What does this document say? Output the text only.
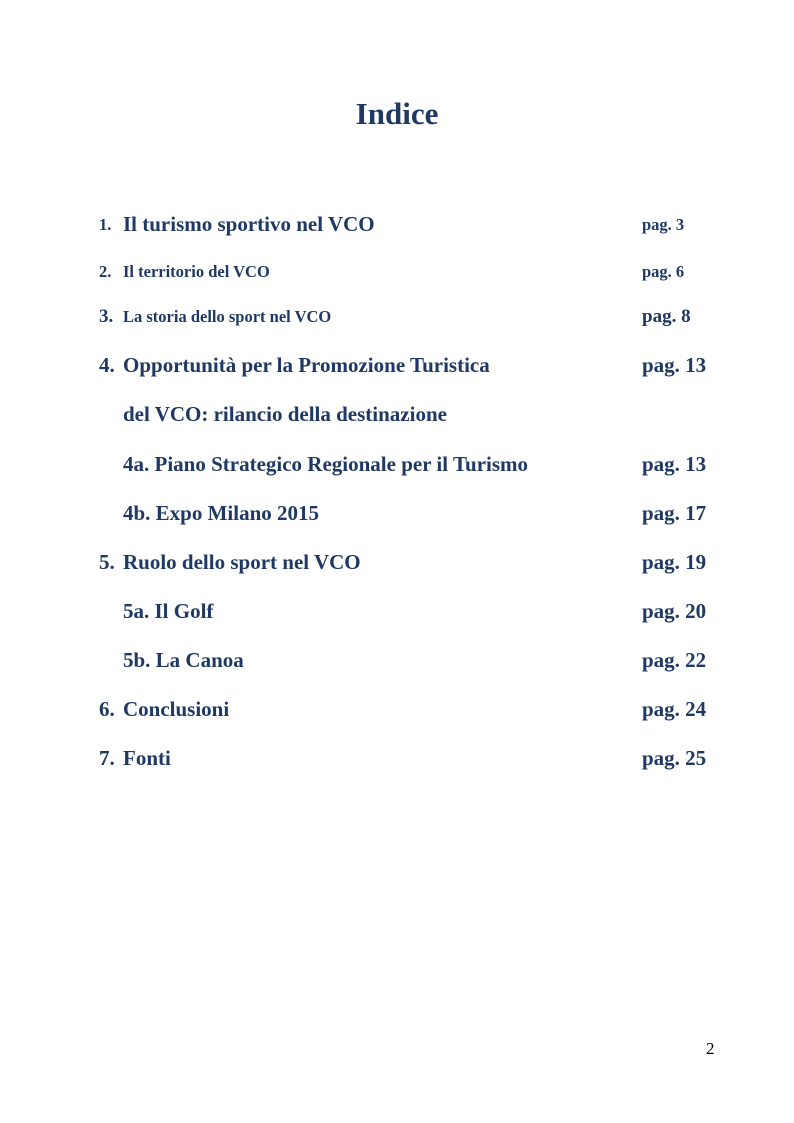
Indice
1. Il turismo sportivo nel VCO	pag. 3
2. Il territorio del VCO	pag. 6
3. La storia dello sport nel VCO	pag. 8
4. Opportunità per la Promozione Turistica	pag. 13
del VCO: rilancio della destinazione
4a. Piano Strategico Regionale per il Turismo	pag. 13
4b. Expo Milano 2015	pag. 17
5. Ruolo dello sport nel VCO	pag. 19
5a. Il Golf	pag. 20
5b. La Canoa	pag. 22
6. Conclusioni	pag. 24
7. Fonti	pag. 25
2
